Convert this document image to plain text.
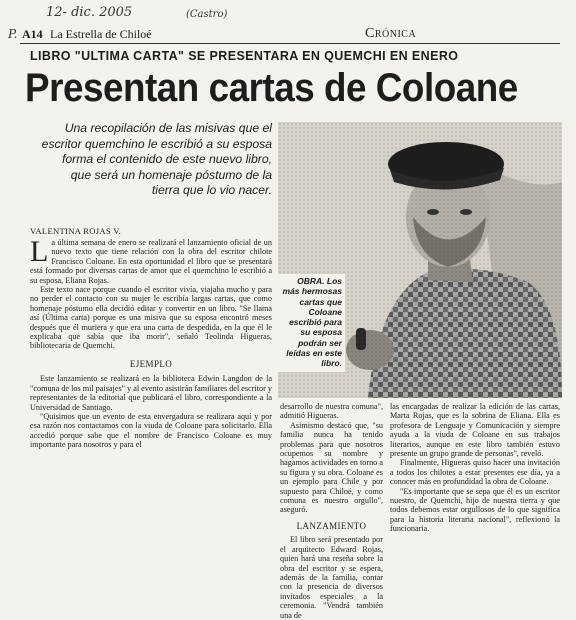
12- dic. 2005	(Castro)
P. A14 La Estrella de Chiloé	Crónica
LIBRO "ULTIMA CARTA" SE PRESENTARA EN QUEMCHI EN ENERO
Presentan cartas de Coloane
Una recopilación de las misivas que el escritor quemchino le escribió a su esposa forma el contenido de este nuevo libro, que será un homenaje póstumo de la tierra que lo vio nacer.
VALENTINA ROJAS V.
OBRA. Los más hermosas cartas que Coloane escribió para su esposa podrán ser leídas en este libro.

La última semana de enero se realizará el lanzamiento oficial de un nuevo texto que tiene relación con la obra del escritor chilote Francisco Coloane. En esta oportunidad el libro que se presentará está formado por diversas cartas de amor que el quemchino le escribió a su esposa, Eliana Rojas.

Este texto nace porque cuando el escritor vivía, viajaba mucho y para no perder el contacto con su mujer le escribía largas cartas, que como homenaje póstumo ella decidió editar y convertir en un libro. "Se llama así (Última carta) porque es una misiva que su esposa encontró meses después que él muriera y que era una carta de despedida, en la que él le explicaba que sabía que iba morir", señaló Teolinda Higueras, bibliotecaria de Quemchi.

EJEMPLO

Este lanzamiento se realizará en la biblioteca Edwin Langdon de la "comuna de los mil paisajes" y al evento asistirán familiares del escritor y representantes de la editorial que publicará el libro, correspondiente a la Universidad de Santiago.

"Quisimos que un evento de esta envergadura se realizara aquí y por esa razón nos contactamos con la viuda de Coloane para solicitarlo. Ella accedió porque sabe que el nombre de Francisco Coloane es muy importante para nosotros y para el

desarrollo de nuestra comuna", admitió Higueras.

Asimismo destacó que, "su familia nunca ha tenido problemas para que nosotros ocupemos su nombre y hagamos actividades en torno a su figura y su obra. Coloane es un ejemplo para Chile y por supuesto para Chiloé, y como comuna es nuestro orgullo", aseguró.

LANZAMIENTO

El libro será presentado por el arquitecto Edward Rojas, quien hará una reseña sobre la obra del escritor y se espera, además de la familia, contar con la presencia de diversos invitados especiales a la ceremonia. "Vendrá también una de

las encargadas de realizar la edición de las cartas, Marta Rojas, que es la sobrina de Eliana. Ella es profesora de Lenguaje y Comunicación y siempre ayuda a la viuda de Coloane en sus trabajos literarios, aunque en este libro también estuvo presente un grupo grande de personas", reveló.

Finalmente, Higueras quiso hacer una invitación a todos los chilotes a estar presentes ese día, ya a conocer más en profundidad la obra de Coloane.

"Es importante que se sepa que él es un escritor nuestro, de Quemchi, hijo de nuestra tierra y que todos debemos estar orgullosos de lo que significa para la historia literaria nacional", reflexionó la funcionaria.
